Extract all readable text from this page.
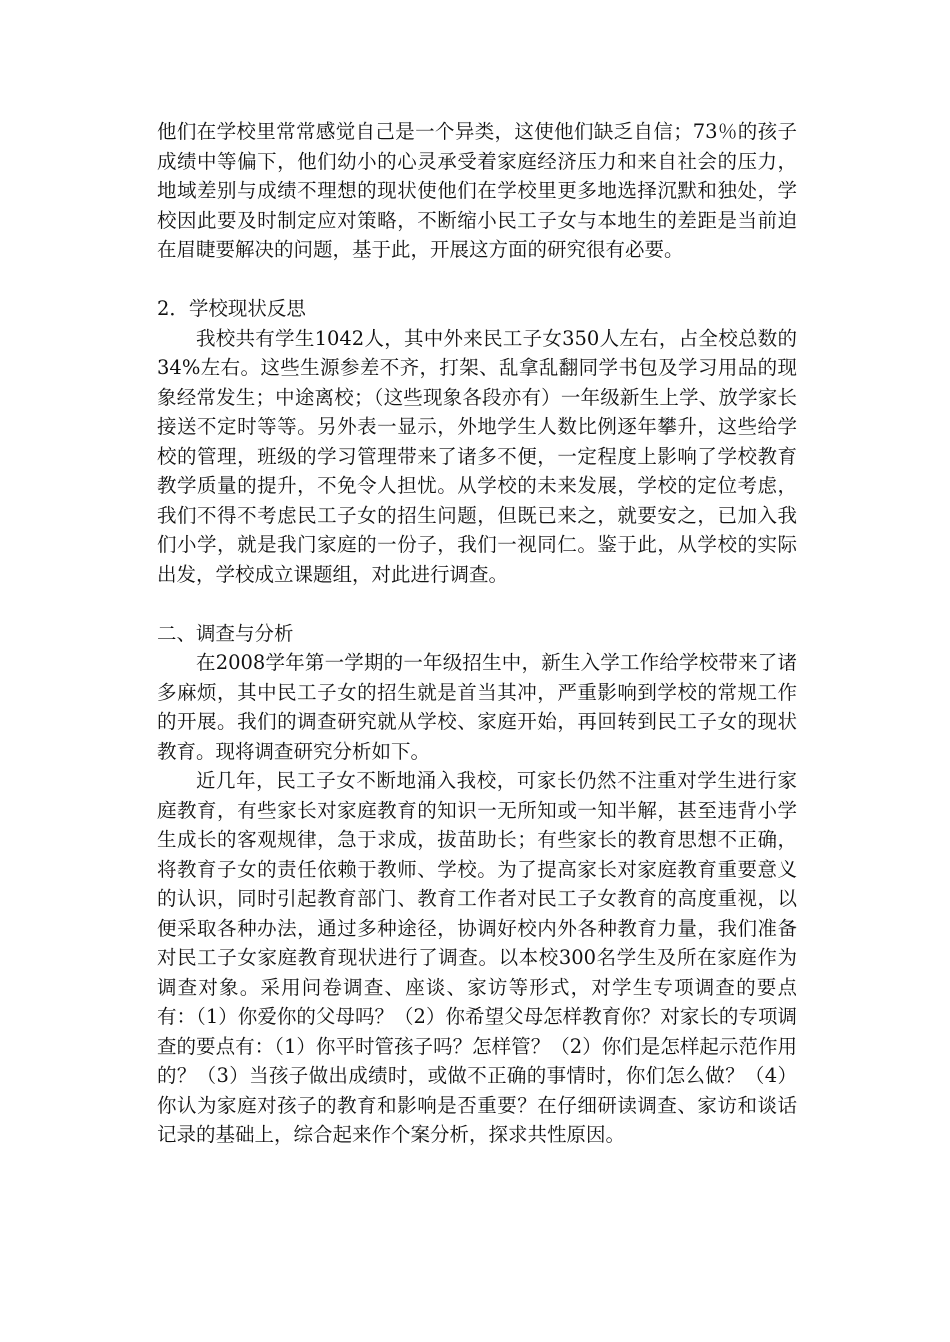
他们在学校里常常感觉自己是一个异类，这使他们缺乏自信；73％的孩子成绩中等偏下，他们幼小的心灵承受着家庭经济压力和来自社会的压力，地域差别与成绩不理想的现状使他们在学校里更多地选择沉默和独处，学校因此要及时制定应对策略，不断缩小民工子女与本地生的差距是当前迫在眉睫要解决的问题，基于此，开展这方面的研究很有必要。

2．学校现状反思

我校共有学生1042人，其中外来民工子女350人左右，占全校总数的34%左右。这些生源参差不齐，打架、乱拿乱翻同学书包及学习用品的现象经常发生；中途离校；（这些现象各段亦有）一年级新生上学、放学家长接送不定时等等。另外表一显示，外地学生人数比例逐年攀升，这些给学校的管理，班级的学习管理带来了诸多不便，一定程度上影响了学校教育教学质量的提升，不免令人担忧。从学校的未来发展，学校的定位考虑，我们不得不考虑民工子女的招生问题，但既已来之，就要安之，已加入我们小学，就是我门家庭的一份子，我们一视同仁。鉴于此，从学校的实际出发，学校成立课题组，对此进行调查。

二、调查与分析

在2008学年第一学期的一年级招生中，新生入学工作给学校带来了诸多麻烦，其中民工子女的招生就是首当其冲，严重影响到学校的常规工作的开展。我们的调查研究就从学校、家庭开始，再回转到民工子女的现状教育。现将调查研究分析如下。

近几年，民工子女不断地涌入我校，可家长仍然不注重对学生进行家庭教育，有些家长对家庭教育的知识一无所知或一知半解，甚至违背小学生成长的客观规律，急于求成，拔苗助长；有些家长的教育思想不正确，将教育子女的责任依赖于教师、学校。为了提高家长对家庭教育重要意义的认识，同时引起教育部门、教育工作者对民工子女教育的高度重视，以便采取各种办法，通过多种途径，协调好校内外各种教育力量，我们准备对民工子女家庭教育现状进行了调查。以本校300名学生及所在家庭作为调查对象。采用问卷调查、座谈、家访等形式，对学生专项调查的要点有：（1）你爱你的父母吗？（2）你希望父母怎样教育你？对家长的专项调查的要点有：（1）你平时管孩子吗？怎样管？（2）你们是怎样起示范作用的？（3）当孩子做出成绩时，或做不正确的事情时，你们怎么做？（4）你认为家庭对孩子的教育和影响是否重要？在仔细研读调查、家访和谈话记录的基础上，综合起来作个案分析，探求共性原因。
